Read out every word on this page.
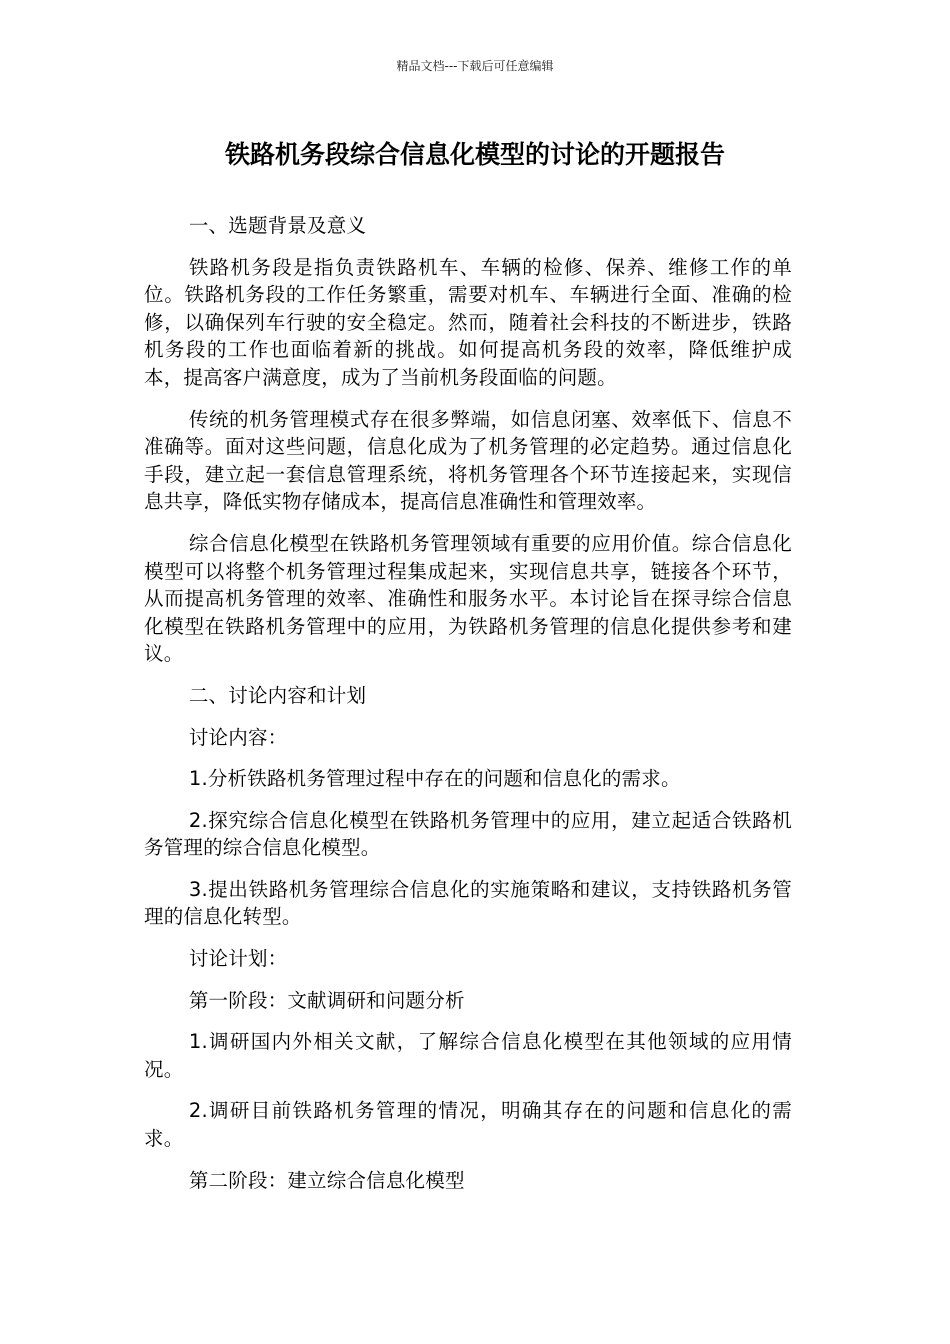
精品文档---下载后可任意编辑
铁路机务段综合信息化模型的讨论的开题报告

一、选题背景及意义

铁路机务段是指负责铁路机车、车辆的检修、保养、维修工作的单位。铁路机务段的工作任务繁重，需要对机车、车辆进行全面、准确的检修，以确保列车行驶的安全稳定。然而，随着社会科技的不断进步，铁路机务段的工作也面临着新的挑战。如何提高机务段的效率，降低维护成本，提高客户满意度，成为了当前机务段面临的问题。

传统的机务管理模式存在很多弊端，如信息闭塞、效率低下、信息不准确等。面对这些问题，信息化成为了机务管理的必定趋势。通过信息化手段，建立起一套信息管理系统，将机务管理各个环节连接起来，实现信息共享，降低实物存储成本，提高信息准确性和管理效率。

综合信息化模型在铁路机务管理领域有重要的应用价值。综合信息化模型可以将整个机务管理过程集成起来，实现信息共享，链接各个环节，从而提高机务管理的效率、准确性和服务水平。本讨论旨在探寻综合信息化模型在铁路机务管理中的应用，为铁路机务管理的信息化提供参考和建议。

二、讨论内容和计划

讨论内容：

1.分析铁路机务管理过程中存在的问题和信息化的需求。

2.探究综合信息化模型在铁路机务管理中的应用，建立起适合铁路机务管理的综合信息化模型。

3.提出铁路机务管理综合信息化的实施策略和建议，支持铁路机务管理的信息化转型。

讨论计划：

第一阶段：文献调研和问题分析

1.调研国内外相关文献，了解综合信息化模型在其他领域的应用情况。

2.调研目前铁路机务管理的情况，明确其存在的问题和信息化的需求。

第二阶段：建立综合信息化模型
